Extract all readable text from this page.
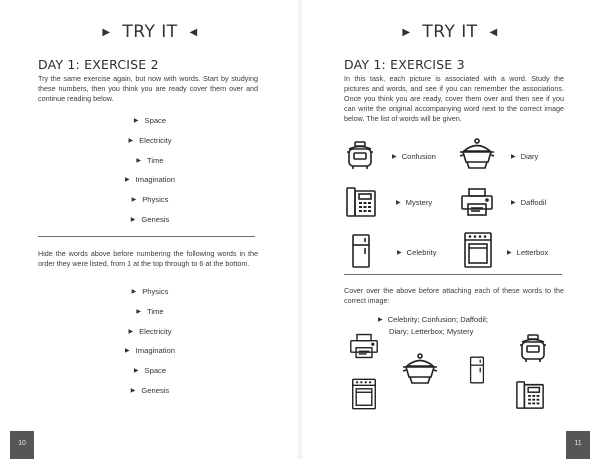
▶ TRY IT ◀
DAY 1: EXERCISE 2
Try the same exercise again, but now with words. Start by studying these numbers, then you think you are ready cover them over and continue reading below.
▶ Space
▶ Electricity
▶ Time
▶ Imagination
▶ Physics
▶ Genesis
Hide the words above before numbering the following words in the order they were listed, from 1 at the top through to 6 at the bottom.
▶ Physics
▶ Time
▶ Electricity
▶ Imagination
▶ Space
▶ Genesis
10
▶ TRY IT ◀
DAY 1: EXERCISE 3
In this task, each picture is associated with a word. Study the pictures and words, and see if you can remember the associations. Once you think you are ready, cover them over and then see if you can write the original accompanying word next to the correct image below. The list of words will be given.
▶ Confusion	▶ Diary
▶ Mystery	▶ Daffodil
▶ Celebrity	▶ Letterbox
Cover over the above before attaching each of these words to the correct image:
▶ Celebrity; Confusion; Daffodil;
Diary; Letterbox; Mystery
11
